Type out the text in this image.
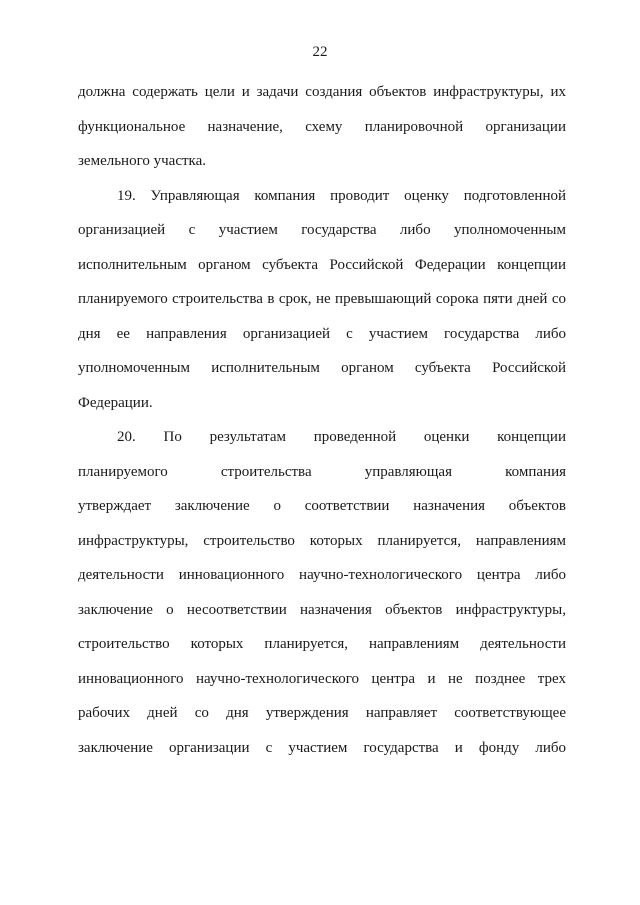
22
должна содержать цели и задачи создания объектов инфраструктуры, их
функциональное назначение, схему планировочной организации
земельного участка.
19. Управляющая компания проводит оценку подготовленной
организацией с участием государства либо уполномоченным
исполнительным органом субъекта Российской Федерации концепции
планируемого строительства в срок, не превышающий сорока пяти дней со
дня ее направления организацией с участием государства либо
уполномоченным исполнительным органом субъекта Российской
Федерации.
20. По результатам проведенной оценки концепции
планируемого строительства управляющая компания
утверждает заключение о соответствии назначения объектов
инфраструктуры, строительство которых планируется, направлениям
деятельности инновационного научно-технологического центра либо
заключение о несоответствии назначения объектов инфраструктуры,
строительство которых планируется, направлениям деятельности
инновационного научно-технологического центра и не позднее трех
рабочих дней со дня утверждения направляет соответствующее
заключение организации с участием государства и фонду либо
